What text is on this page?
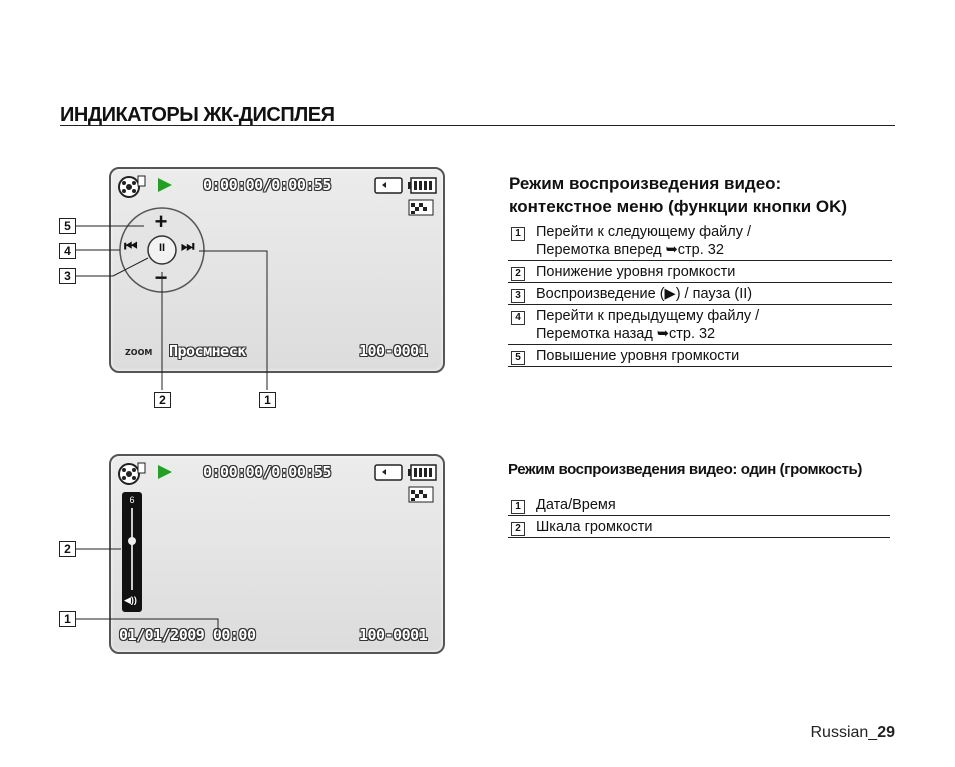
ИНДИКАТОРЫ ЖК-ДИСПЛЕЯ
0:00:00/0:00:55
+
−
⏮	II ⏭
ZOOM Просмнеск	100-0001
5
4
3
2	1
0:00:00/0:00:55
6
◀))
01/01/2009 00:00	100-0001
2
1
Режим воспроизведения видео:
контекстное меню (функции кнопки OK)
1	Перейти к следующему файлу /
Перемотка вперед ➥стр. 32

2	Понижение уровня громкости

3	Воспроизведение (▶) / пауза (II)

4	Перейти к предыдущему файлу /
Перемотка назад ➥стр. 32

5	Повышение уровня громкости
Режим воспроизведения видео: один (громкость)
1	Дата/Время

2	Шкала громкости
Russian_29
